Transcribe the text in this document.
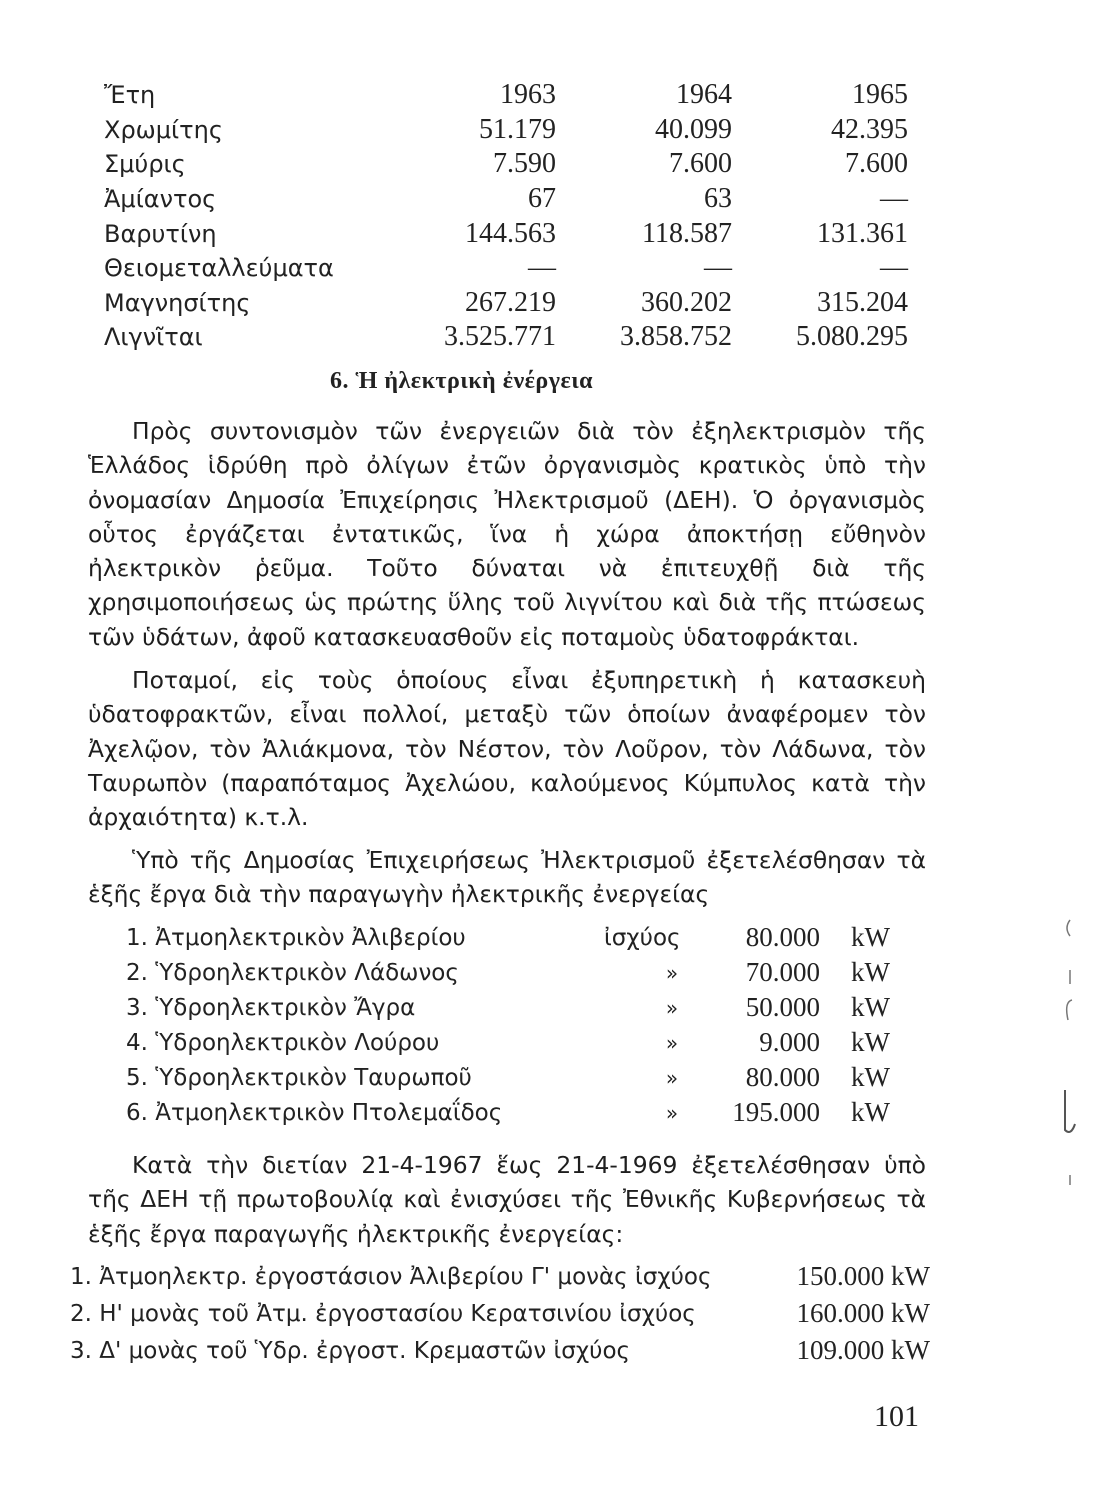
Ἔτη	1963	1964	1965
Χρωμίτης	51.179	40.099	42.395
Σμύρις	7.590	7.600	7.600
Ἀμίαντος	67	63	—
Βαρυτίνη	144.563	118.587	131.361
Θειομεταλλεύματα	—	—	—
Μαγνησίτης	267.219	360.202	315.204
Λιγνῖται	3.525.771	3.858.752	5.080.295
6. Ἡ ἠλεκτρικὴ ἐνέργεια
Πρὸς συντονισμὸν τῶν ἐνεργειῶν διὰ τὸν ἐξηλεκτρισμὸν τῆς Ἑλλάδος ἱδρύθη πρὸ ὀλίγων ἐτῶν ὀργανισμὸς κρατικὸς ὑπὸ τὴν ὀνομασίαν Δημοσία Ἐπιχείρησις Ἠλεκτρισμοῦ (ΔΕΗ). Ὁ ὀργανισμὸς οὗτος ἐργάζεται ἐντατικῶς, ἵνα ἡ χώρα ἀποκτήσῃ εὔθηνὸν ἠλεκτρικὸν ῥεῦμα. Τοῦτο δύναται νὰ ἐπιτευχθῇ διὰ τῆς χρησιμοποιήσεως ὡς πρώτης ὕλης τοῦ λιγνίτου καὶ διὰ τῆς πτώσεως τῶν ὑδάτων, ἀφοῦ κατασκευασθοῦν εἰς ποταμοὺς ὑδατοφράκται.
Ποταμοί, εἰς τοὺς ὁποίους εἶναι ἐξυπηρετικὴ ἡ κατασκευὴ ὑδατοφρακτῶν, εἶναι πολλοί, μεταξὺ τῶν ὁποίων ἀναφέρομεν τὸν Ἀχελῷον, τὸν Ἀλιάκμονα, τὸν Νέστον, τὸν Λοῦρον, τὸν Λάδωνα, τὸν Ταυρωπὸν (παραπόταμος Ἀχελώου, καλούμενος Κύμπυλος κατὰ τὴν ἀρχαιότητα) κ.τ.λ.
Ὑπὸ τῆς Δημοσίας Ἐπιχειρήσεως Ἠλεκτρισμοῦ ἐξετελέσθησαν τὰ ἑξῆς ἔργα διὰ τὴν παραγωγὴν ἠλεκτρικῆς ἐνεργείας
1. Ἀτμοηλεκτρικὸν Ἀλιβερίου	ἰσχύος	80.000	kW
2. Ὑδροηλεκτρικὸν Λάδωνος	»	70.000	kW
3. Ὑδροηλεκτρικὸν Ἄγρα	»	50.000	kW
4. Ὑδροηλεκτρικὸν Λούρου	»	9.000	kW
5. Ὑδροηλεκτρικὸν Ταυρωποῦ	»	80.000	kW
6. Ἀτμοηλεκτρικὸν Πτολεμαΐδος	»	195.000	kW
Κατὰ τὴν διετίαν 21-4-1967 ἕως 21-4-1969 ἐξετελέσθησαν ὑπὸ τῆς ΔΕΗ τῇ πρωτοβουλίᾳ καὶ ἐνισχύσει τῆς Ἐθνικῆς Κυβερνήσεως τὰ ἑξῆς ἔργα παραγωγῆς ἠλεκτρικῆς ἐνεργείας:
1. Ἀτμοηλεκτρ. ἐργοστάσιον Ἀλιβερίου Γ' μονὰς ἰσχύος	150.000 kW
2. Η' μονὰς τοῦ Ἀτμ. ἐργοστασίου Κερατσινίου ἰσχύος	160.000 kW
3. Δ' μονὰς τοῦ Ὑδρ. ἐργοστ. Κρεμαστῶν ἰσχύος	109.000 kW
101
